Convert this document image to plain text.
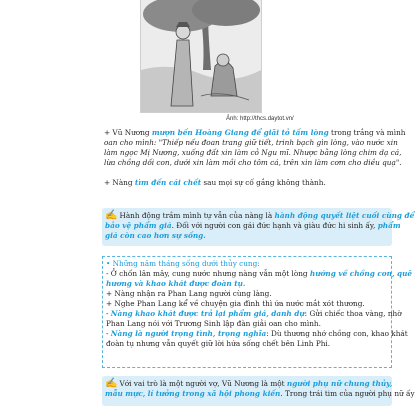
Ảnh: http://thcs.daytot.vn/
+ Vũ Nương mượn bến Hoàng Giang để giãi tỏ tấm lòng trong trắng và mình
oan cho mình: "Thiếp nếu đoan trang giữ tiết, trinh bạch gìn lòng, vào nước xin
làm ngọc Mị Nương, xuống đất xin làm cỏ Ngu mĩ. Nhược bằng lòng chim dạ cá,
lừa chồng dối con, dưới xin làm mồi cho tôm cá, trên xin làm cơm cho diều quạ".
+ Nàng tìm đến cái chết sau mọi sự cố gắng không thành.
✍ Hành động trầm mình tự vẫn của nàng là hành động quyết liệt cuối cùng để
bảo vệ phẩm giá. Đối với người con gái đức hạnh và giàu đức hi sinh ấy, phẩm
giá còn cao hơn sự sống.
• Những năm tháng sống dưới thủy cung:
- Ở chốn lân mây, cung nước nhưng nàng vẫn một lòng hướng về chồng con, quê
hương và khao khát được đoàn tụ.
+ Nàng nhận ra Phan Lang người cùng làng.
+ Nghe Phan Lang kể về chuyện gia đình thì ứa nước mắt xót thương.
- Nàng khao khát được trả lại phẩm giá, danh dự: Gửi chiếc thoa vàng, nhờ
Phan Lang nói với Trương Sinh lập đàn giải oan cho mình.
- Nàng là người trọng tình, trọng nghĩa: Dù thương nhớ chồng con, khao khát
đoàn tụ nhưng vẫn quyết giữ lời hứa sống chết bên Linh Phi.
✍ Với vai trò là một người vợ, Vũ Nương là một người phụ nữ chung thủy,
mẫu mực, lí tưởng trong xã hội phong kiến. Trong trái tim của người phụ nữ ấy
